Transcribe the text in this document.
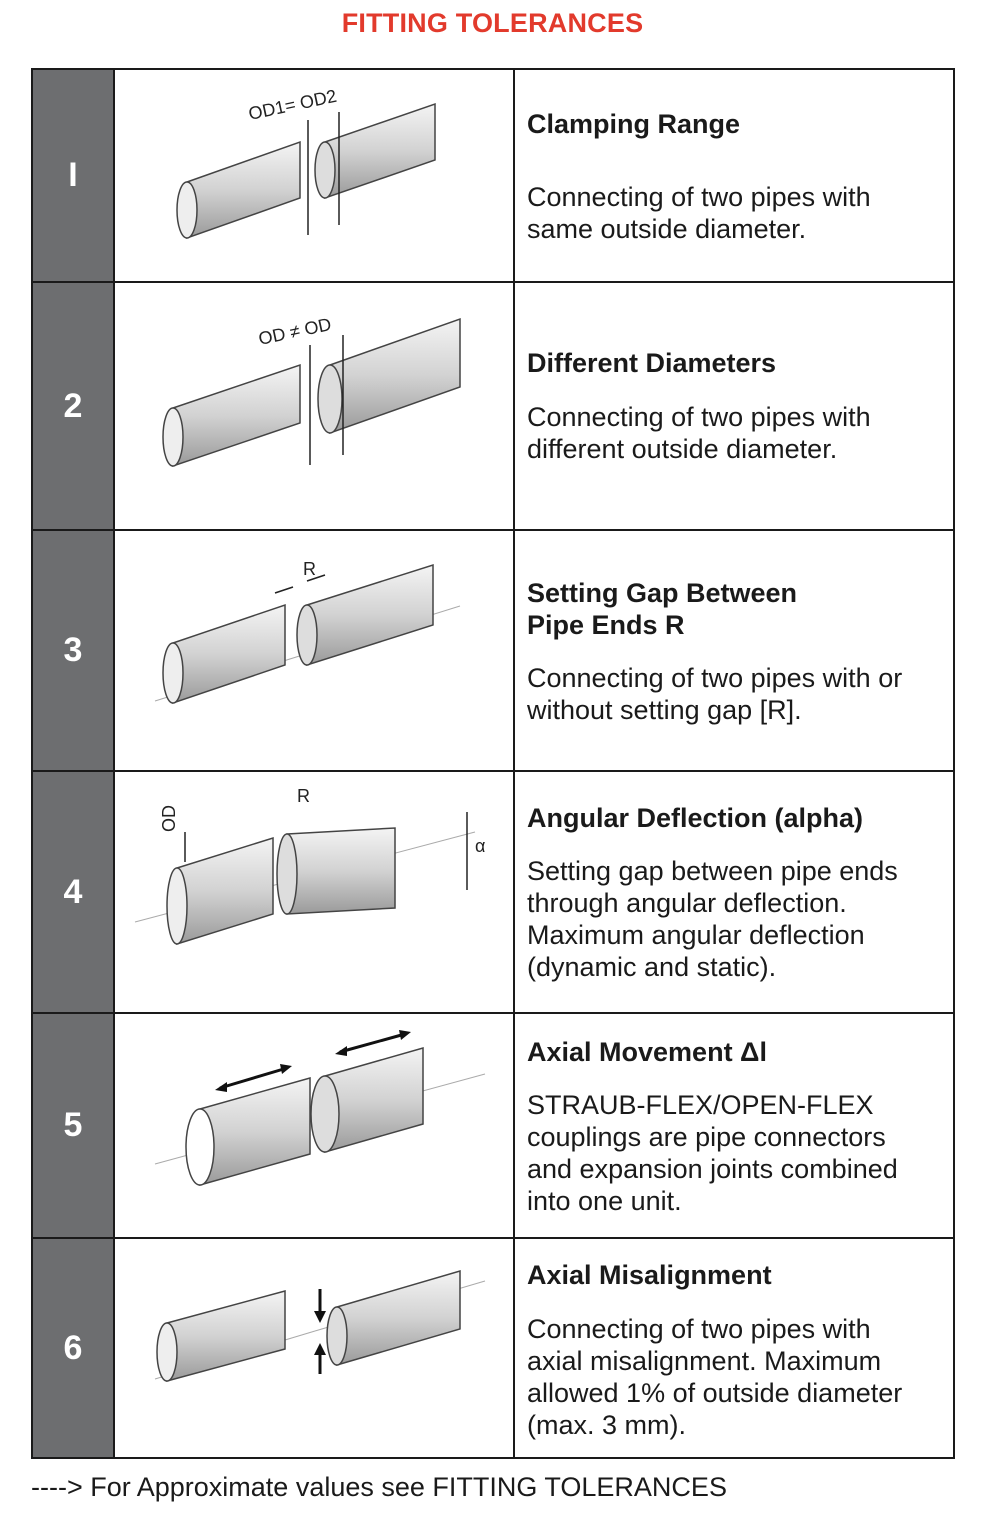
FITTING TOLERANCES
I
OD1= OD2
Clamping Range
Connecting of two pipes with
same outside diameter.
2
OD ≠ OD
Different Diameters
Connecting of two pipes with
different outside diameter.
3
R
Setting Gap Between
Pipe Ends R
Connecting of two pipes with or
without setting gap [R].
4
OD
R
α
Angular Deflection (alpha)
Setting gap between pipe ends
through angular deflection.
Maximum angular deflection
(dynamic and static).
5
Axial Movement Δl
STRAUB-FLEX/OPEN-FLEX
couplings are pipe connectors
and expansion joints combined
into one unit.
6
Axial Misalignment
Connecting of two pipes with
axial misalignment. Maximum
allowed 1% of outside diameter
(max. 3 mm).
----> For Approximate values see FITTING TOLERANCES
